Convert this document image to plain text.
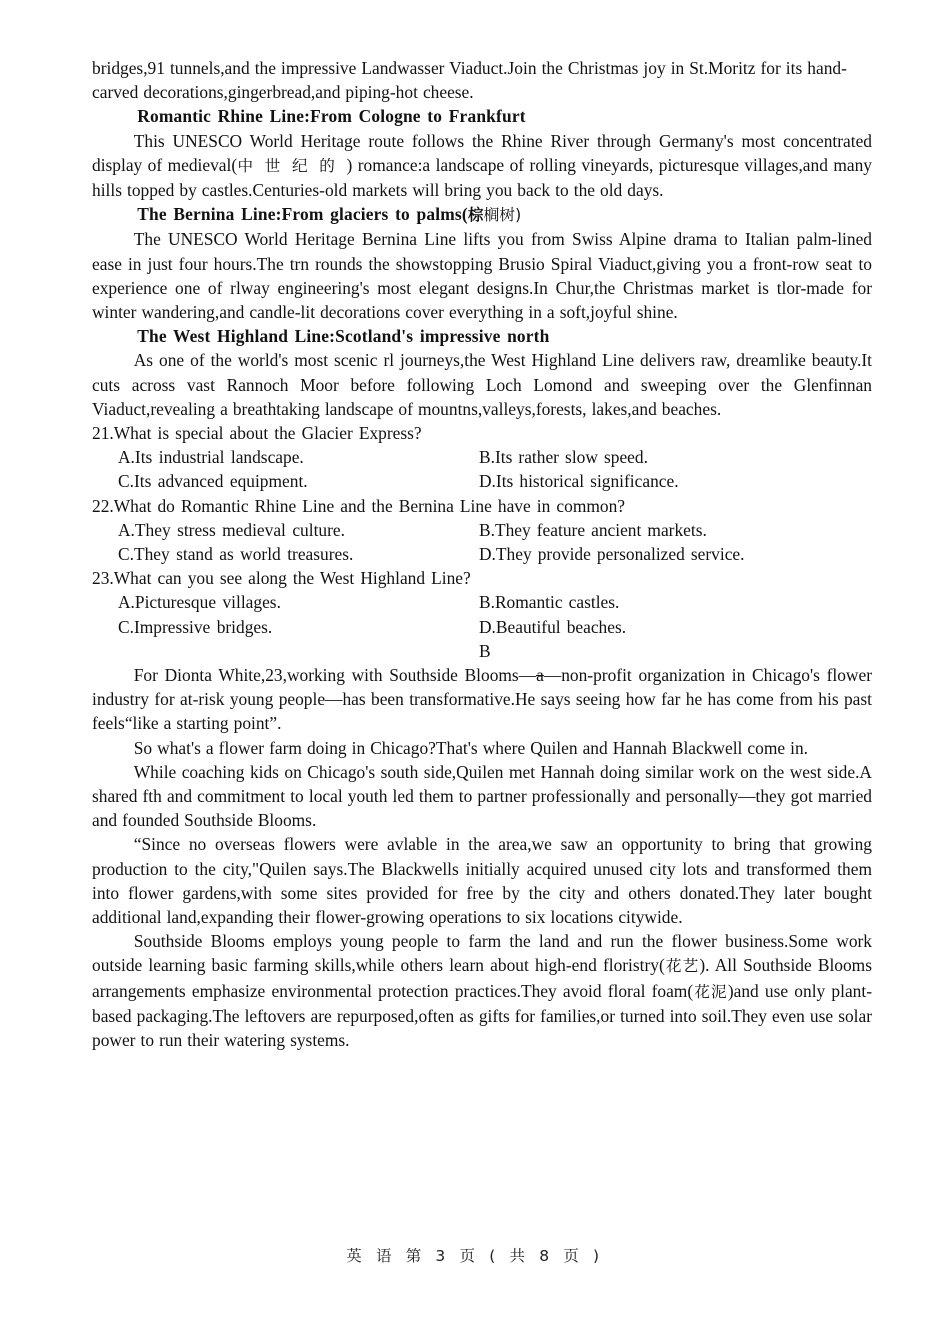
bridges,91 tunnels,and the impressive Landwasser Viaduct.Join the Christmas joy in St.Moritz for its hand-carved decorations,gingerbread,and piping-hot cheese.

Romantic Rhine Line:From Cologne to Frankfurt

This UNESCO World Heritage route follows the Rhine River through Germany's most concentrated display of medieval(中世纪的) romance:a landscape of rolling vineyards, picturesque villages,and many hills topped by castles.Centuries-old markets will bring you back to the old days.

The Bernina Line:From glaciers to palms(棕榈树)

The UNESCO World Heritage Bernina Line lifts you from Swiss Alpine drama to Italian palm-lined ease in just four hours.The trn rounds the showstopping Brusio Spiral Viaduct,giving you a front-row seat to experience one of rlway engineering's most elegant designs.In Chur,the Christmas market is tlor-made for winter wandering,and candle-lit decorations cover everything in a soft,joyful shine.

The West Highland Line:Scotland's impressive north

As one of the world's most scenic rl journeys,the West Highland Line delivers raw, dreamlike beauty.It cuts across vast Rannoch Moor before following Loch Lomond and sweeping over the Glenfinnan Viaduct,revealing a breathtaking landscape of mountns,valleys,forests, lakes,and beaches.

21.What is special about the Glacier Express?

A.Its industrial landscape.	B.Its rather slow speed.
C.Its advanced equipment.	D.Its historical significance.

22.What do Romantic Rhine Line and the Bernina Line have in common?

A.They stress medieval culture.	B.They feature ancient markets.
C.They stand as world treasures.	D.They provide personalized service.

23.What can you see along the West Highland Line?

A.Picturesque villages.	B.Romantic castles.
C.Impressive bridges.	D.Beautiful beaches.
B

For Dionta White,23,working with Southside Blooms—a—non-profit organization in Chicago's flower industry for at-risk young people—has been transformative.He says seeing how far he has come from his past feels“like a starting point”.

So what's a flower farm doing in Chicago?That's where Quilen and Hannah Blackwell come in.

While coaching kids on Chicago's south side,Quilen met Hannah doing similar work on the west side.A shared fth and commitment to local youth led them to partner professionally and personally—they got married and founded Southside Blooms.

“Since no overseas flowers were avlable in the area,we saw an opportunity to bring that growing production to the city,"Quilen says.The Blackwells initially acquired unused city lots and transformed them into flower gardens,with some sites provided for free by the city and others donated.They later bought additional land,expanding their flower-growing operations to six locations citywide.

Southside Blooms employs young people to farm the land and run the flower business.Some work outside learning basic farming skills,while others learn about high-end floristry(花艺). All Southside Blooms arrangements emphasize environmental protection practices.They avoid floral foam(花泥)and use only plant-based packaging.The leftovers are repurposed,often as gifts for families,or turned into soil.They even use solar power to run their watering systems.

英 语 第 3 页 ( 共 8 页 )
